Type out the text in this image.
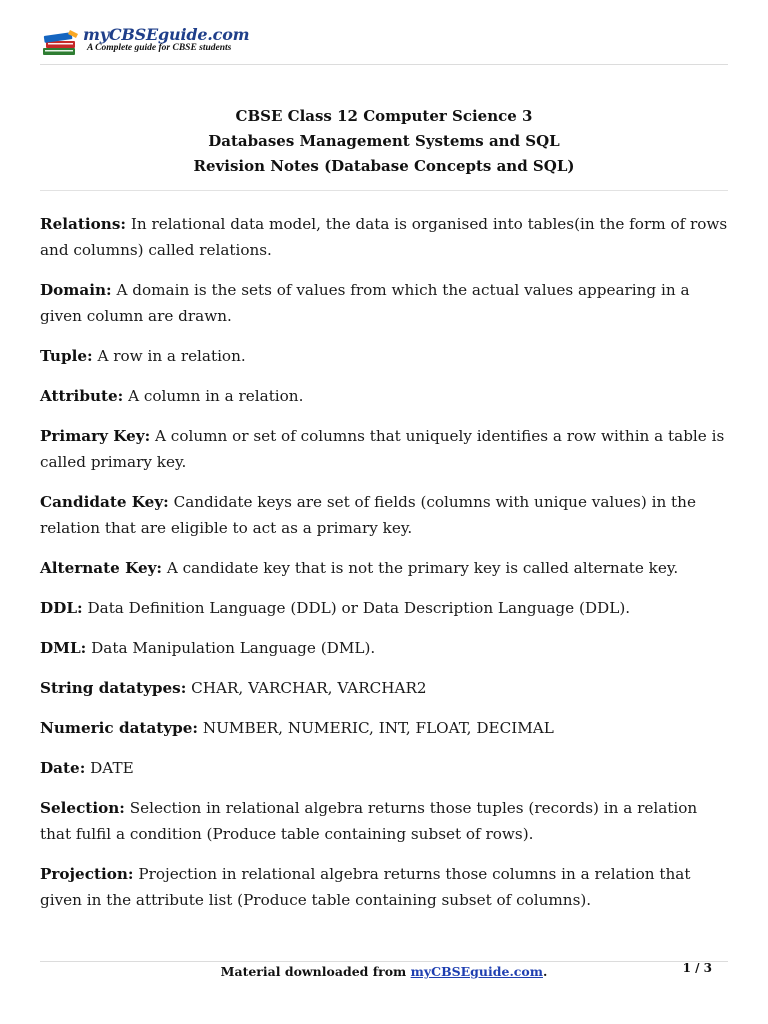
myCBSEguide.com
A Complete guide for CBSE students
CBSE Class 12 Computer Science 3
Databases Management Systems and SQL
Revision Notes (Database Concepts and SQL)

Relations: In relational data model, the data is organised into tables(in the form of rows and columns) called relations.

Domain: A domain is the sets of values from which the actual values appearing in a given column are drawn.

Tuple: A row in a relation.

Attribute: A column in a relation.

Primary Key: A column or set of columns that uniquely identifies a row within a table is called primary key.

Candidate Key: Candidate keys are set of fields (columns with unique values) in the relation that are eligible to act as a primary key.

Alternate Key: A candidate key that is not the primary key is called alternate key.

DDL: Data Definition Language (DDL) or Data Description Language (DDL).

DML: Data Manipulation Language (DML).

String datatypes: CHAR, VARCHAR, VARCHAR2

Numeric datatype: NUMBER, NUMERIC, INT, FLOAT, DECIMAL

Date: DATE

Selection: Selection in relational algebra returns those tuples (records) in a relation that fulfil a condition (Produce table containing subset of rows).

Projection: Projection in relational algebra returns those columns in a relation that given in the attribute list (Produce table containing subset of columns).

Material downloaded from myCBSEguide.com.	1 / 3
